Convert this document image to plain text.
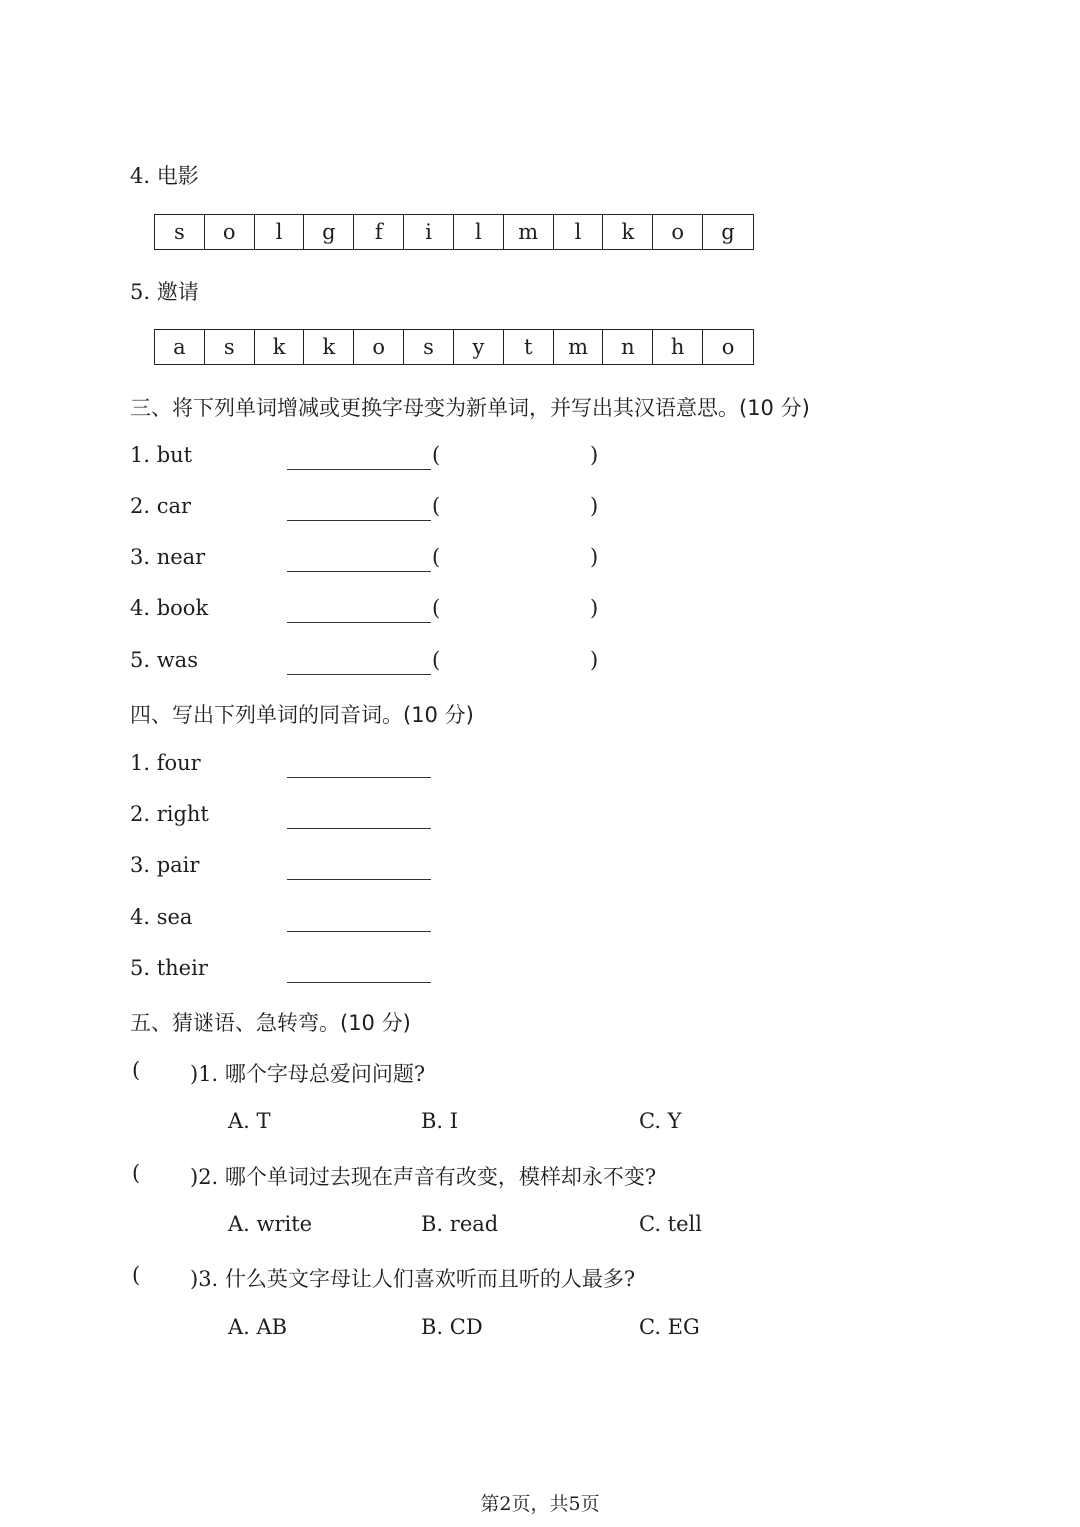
4. 电影
s	o	l	g	f	i	l	m	l	k	o	g
5. 邀请
a	s	k	k	o	s	y	t	m	n	h	o
三、将下列单词增减或更换字母变为新单词，并写出其汉语意思。(10 分)
1. but	(	)
2. car	(	)
3. near	(	)
4. book	(	)
5. was	(	)
四、写出下列单词的同音词。(10 分)
1. four
2. right
3. pair
4. sea
5. their
五、猜谜语、急转弯。(10 分)
( )1. 哪个字母总爱问问题?
A. T	B. I	C. Y
( )2. 哪个单词过去现在声音有改变，模样却永不变?
A. write	B. read	C. tell
( )3. 什么英文字母让人们喜欢听而且听的人最多?
A. AB	B. CD	C. EG
第2页，共5页
